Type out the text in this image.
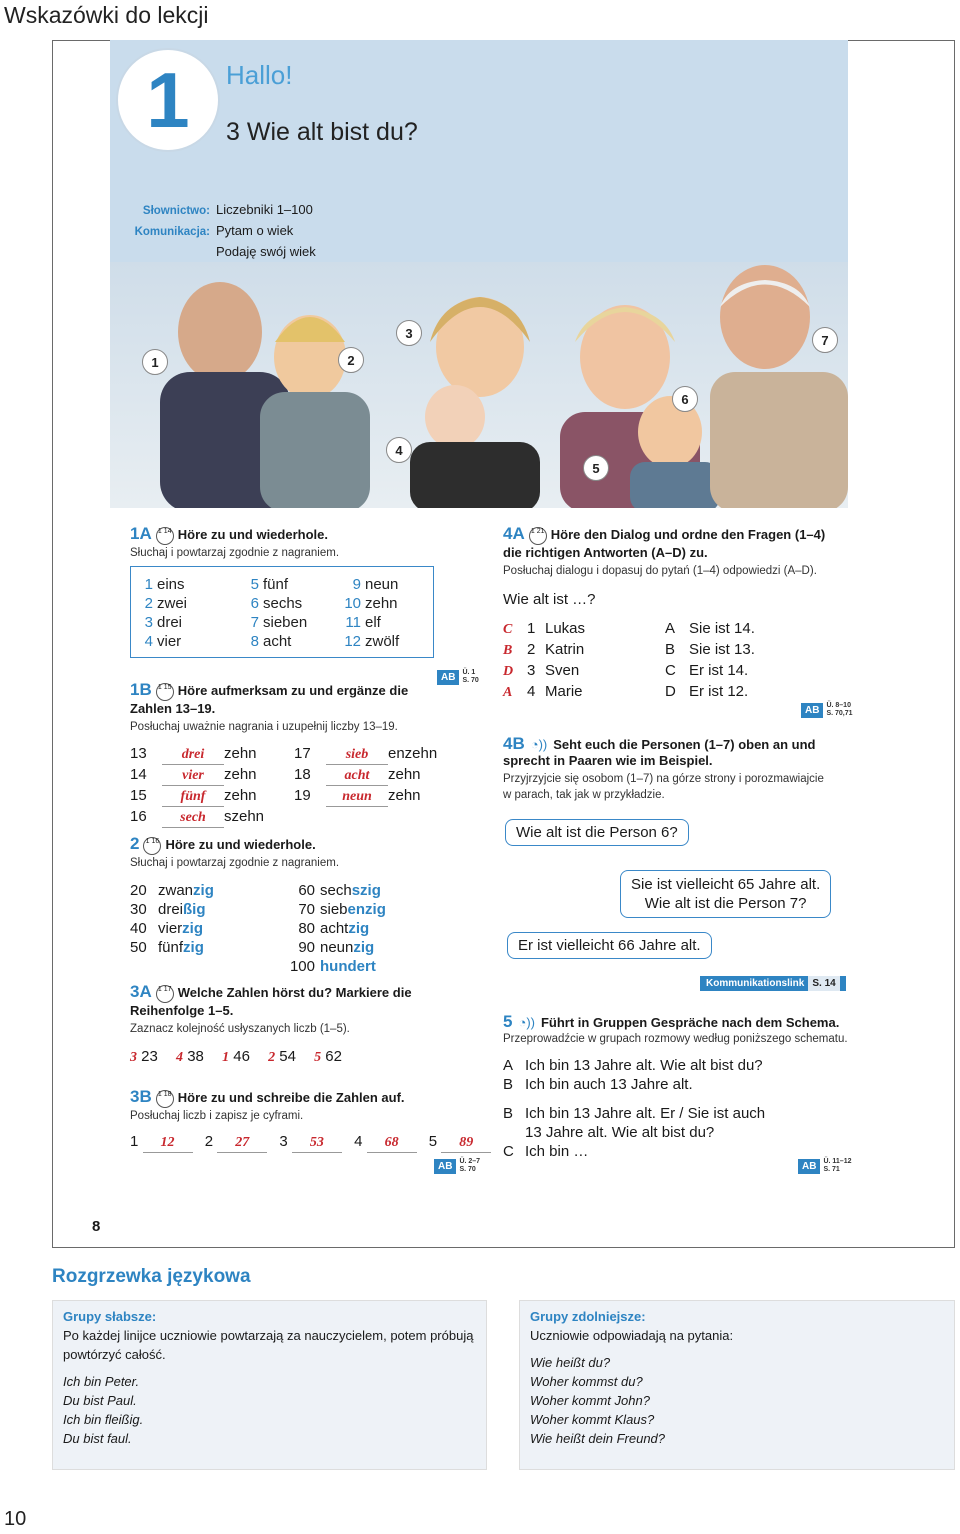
Wskazówki do lekcji
1	Hallo!
3 Wie alt bist du?
Słownictwo: Liczebniki 1–100
Komunikacja: Pytam o wiek
Podaję swój wiek
1	2
3
4
5
6
7
1A 1 14 Höre zu und wiederhole.
Słuchaj i powtarzaj zgodnie z nagraniem.
1	eins	5	fünf	9	neun
2	zwei	6	sechs	10	zehn
3	drei	7	sieben	11	elf
4	vier	8	acht	12	zwölf
AB	Ü. 1
S. 70
1B 1 15 Höre aufmerksam zu und ergänze die
Zahlen 13–19.
Posłuchaj uważnie nagrania i uzupełnij liczby 13–19.
13	drei zehn
14	vier zehn
15 fünf zehn
16 sech szehn
17	sieb enzehn
18 acht zehn
19 neun zehn
2 1 16 Höre zu und wiederhole.
Słuchaj i powtarzaj zgodnie z nagraniem.
20 zwanzig
30 dreißig
40 vierzig
50 fünfzig
60 sechszig
70 siebenzig
80 achtzig
90 neunzig
100 hundert
3A 1 17 Welche Zahlen hörst du? Markiere die
Reihenfolge 1–5.
Zaznacz kolejność usłyszanych liczb (1–5).
3 23 4 38 1 46 2 54 5 62
3B 1 18 Höre zu und schreibe die Zahlen auf.
Posłuchaj liczb i zapisz je cyframi.
1 12 2 27 3 53 4 68 5 89
AB	Ü. 2–7
S. 70
4A 1 21 Höre den Dialog und ordne den Fragen (1–4)
die richtigen Antworten (A–D) zu.
Posłuchaj dialogu i dopasuj do pytań (1–4) odpowiedzi (A–D).
Wie alt ist …?
C 1 Lukas	A Sie ist 14.
B 2 Katrin	B Sie ist 13.
D 3 Sven	C Er ist 14.
A 4 Marie	D Er ist 12.
AB	Ü. 8–10
S. 70,71
4B ◔)) Seht euch die Personen (1–7) oben an und
sprecht in Paaren wie im Beispiel.
Przyjrzyjcie się osobom (1–7) na górze strony i porozmawiajcie
w parach, tak jak w przykładzie.
Wie alt ist die Person 6?
Sie ist vielleicht 65 Jahre alt.
Wie alt ist die Person 7?
Er ist vielleicht 66 Jahre alt.
Kommunikationslink S. 14
5 ◔)) Führt in Gruppen Gespräche nach dem Schema.
Przeprowadźcie w grupach rozmowy według poniższego schematu.
A Ich bin 13 Jahre alt. Wie alt bist du?
B Ich bin auch 13 Jahre alt.
B Ich bin 13 Jahre alt. Er / Sie ist auch
13 Jahre alt. Wie alt bist du?
C Ich bin …
AB	Ü. 11–12
S. 71
8
Rozgrzewka językowa
Grupy słabsze:
Po każdej linijce uczniowie powtarzają za nauczycielem, potem próbują
powtórzyć całość.
Ich bin Peter.
Du bist Paul.
Ich bin fleißig.
Du bist faul.
Grupy zdolniejsze:
Uczniowie odpowiadają na pytania:
Wie heißt du?
Woher kommst du?
Woher kommt John?
Woher kommt Klaus?
Wie heißt dein Freund?
10
